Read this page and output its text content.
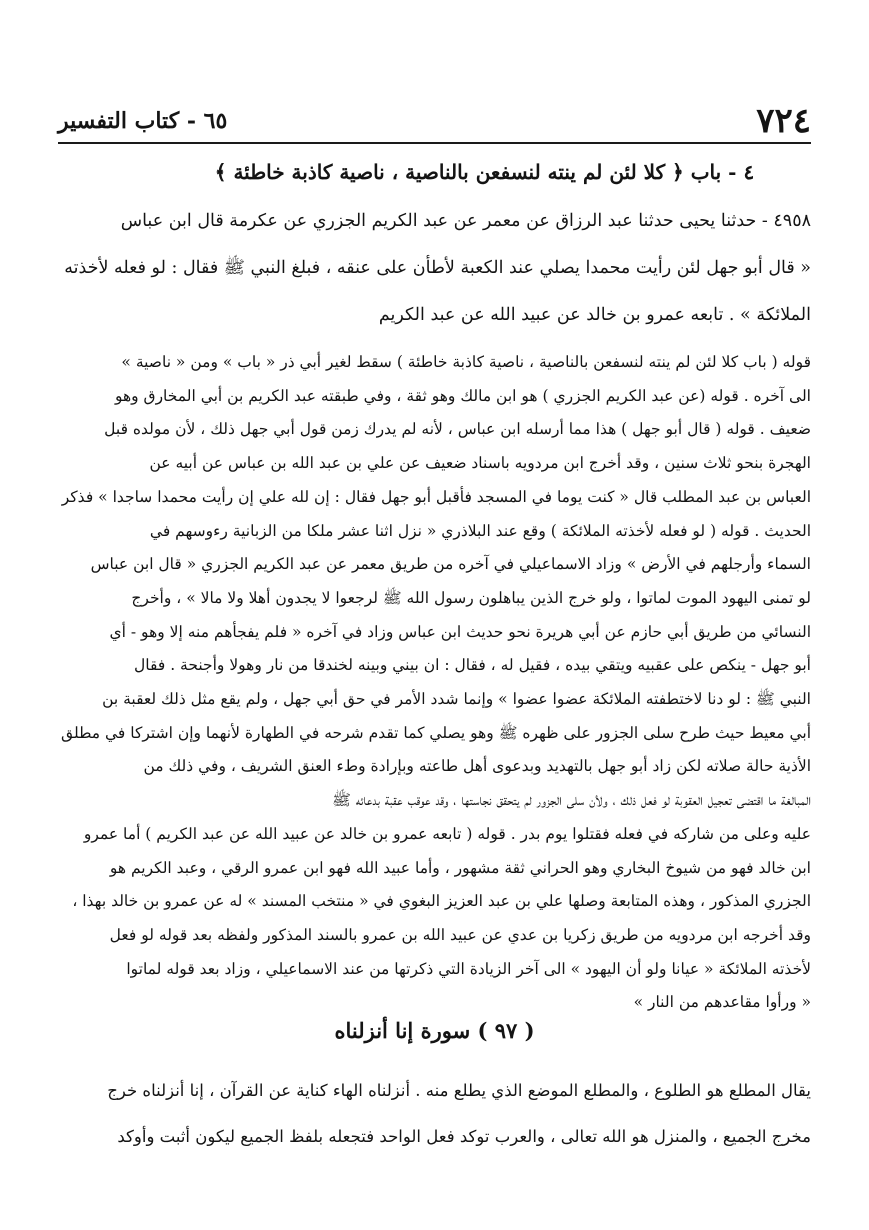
٧٢٤
٦٥ - كتاب التفسير
٤ - باب ﴿ كلا لئن لم ينته لنسفعن بالناصية ، ناصية كاذبة خاطئة ﴾

٤٩٥٨ - حدثنا يحيى حدثنا عبد الرزاق عن معمر عن عبد الكريم الجزري عن عكرمة قال ابن عباس

« قال أبو جهل لئن رأيت محمدا يصلي عند الكعبة لأطأن على عنقه ، فبلغ النبي ﷺ فقال : لو فعله لأخذته

الملائكة » . تابعه عمرو بن خالد عن عبيد الله عن عبد الكريم

قوله ( باب كلا لئن لم ينته لنسفعن بالناصية ، ناصية كاذبة خاطئة ) سقط لغير أبي ذر « باب » ومن « ناصية »

الى آخره . قوله (عن عبد الكريم الجزري ) هو ابن مالك وهو ثقة ، وفي طبقته عبد الكريم بن أبي المخارق وهو

ضعيف . قوله ( قال أبو جهل ) هذا مما أرسله ابن عباس ، لأنه لم يدرك زمن قول أبي جهل ذلك ، لأن مولده قبل

الهجرة بنحو ثلاث سنين ، وقد أخرج ابن مردويه باسناد ضعيف عن علي بن عبد الله بن عباس عن أبيه عن

العباس بن عبد المطلب قال « كنت يوما في المسجد فأقبل أبو جهل فقال : إن لله علي إن رأيت محمدا ساجدا » فذكر

الحديث . قوله ( لو فعله لأخذته الملائكة ) وقع عند البلاذري « نزل اثنا عشر ملكا من الزبانية رءوسهم في

السماء وأرجلهم في الأرض » وزاد الاسماعيلي في آخره من طريق معمر عن عبد الكريم الجزري « قال ابن عباس

لو تمنى اليهود الموت لماتوا ، ولو خرج الذين يباهلون رسول الله ﷺ لرجعوا لا يجدون أهلا ولا مالا » ، وأخرج

النسائي من طريق أبي حازم عن أبي هريرة نحو حديث ابن عباس وزاد في آخره « فلم يفجأهم منه إلا وهو - أي

أبو جهل - ينكص على عقبيه ويتقي بيده ، فقيل له ، فقال : ان بيني وبينه لخندقا من نار وهولا وأجنحة . فقال

النبي ﷺ : لو دنا لاختطفته الملائكة عضوا عضوا » وإنما شدد الأمر في حق أبي جهل ، ولم يقع مثل ذلك لعقبة بن

أبي معيط حيث طرح سلى الجزور على ظهره ﷺ وهو يصلي كما تقدم شرحه في الطهارة لأنهما وإن اشتركا في مطلق

الأذية حالة صلاته لكن زاد أبو جهل بالتهديد وبدعوى أهل طاعته وبإرادة وطء العنق الشريف ، وفي ذلك من

المبالغة ما اقتضى تعجيل العقوبة لو فعل ذلك ، ولأن سلى الجزور لم يتحقق نجاستها ، وقد عوقب عقبة بدعائه ﷺ

عليه وعلى من شاركه في فعله فقتلوا يوم بدر . قوله ( تابعه عمرو بن خالد عن عبيد الله عن عبد الكريم ) أما عمرو

ابن خالد فهو من شيوخ البخاري وهو الحراني ثقة مشهور ، وأما عبيد الله فهو ابن عمرو الرقي ، وعبد الكريم هو

الجزري المذكور ، وهذه المتابعة وصلها علي بن عبد العزيز البغوي في « منتخب المسند » له عن عمرو بن خالد بهذا ،

وقد أخرجه ابن مردويه من طريق زكريا بن عدي عن عبيد الله بن عمرو بالسند المذكور ولفظه بعد قوله لو فعل

لأخذته الملائكة « عيانا ولو أن اليهود » الى آخر الزيادة التي ذكرتها من عند الاسماعيلي ، وزاد بعد قوله لماتوا

« ورأوا مقاعدهم من النار »

( ٩٧ ) سورة إنا أنزلناه

يقال المطلع هو الطلوع ، والمطلع الموضع الذي يطلع منه . أنزلناه الهاء كناية عن القرآن ، إنا أنزلناه خرج

مخرج الجميع ، والمنزل هو الله تعالى ، والعرب توكد فعل الواحد فتجعله بلفظ الجميع ليكون أثبت وأوكد
